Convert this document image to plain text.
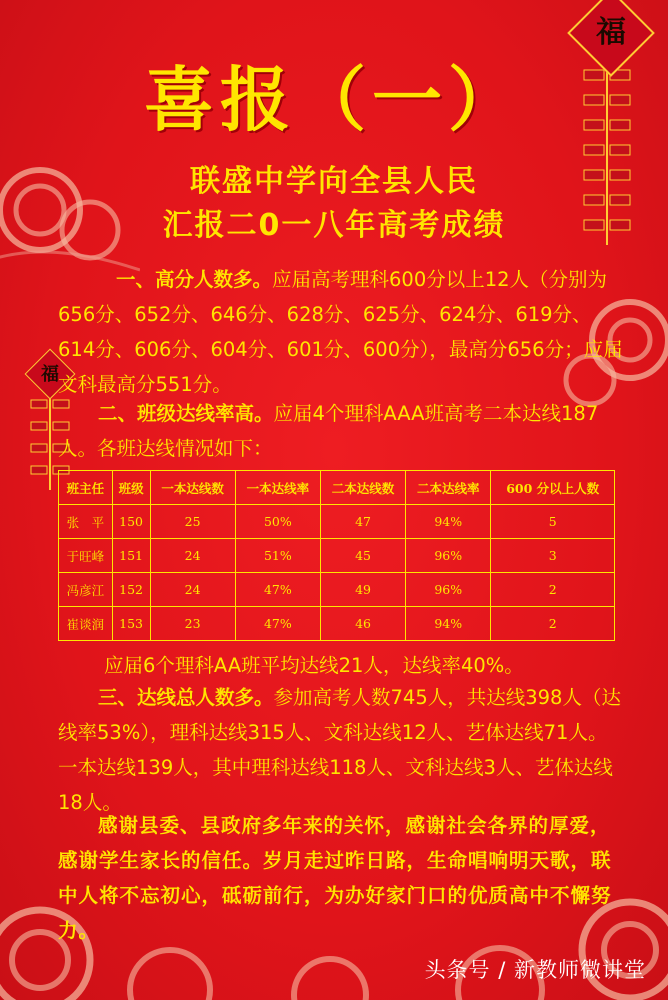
福
福
喜报（一）
联盛中学向全县人民
汇报二0一八年高考成绩
一、高分人数多。应届高考理科600分以上12人（分别为656分、652分、646分、628分、625分、624分、619分、614分、606分、604分、601分、600分），最高分656分；应届文科最高分551分。
二、班级达线率高。应届4个理科AAA班高考二本达线187人。各班达线情况如下：
班主任	班级	一本达线数	一本达线率	二本达线数	二本达线率	600 分以上人数
张　平	150	25	50%	47	94%	5
于旺峰	151	24	51%	45	96%	3
冯彦江	152	24	47%	49	96%	2
崔谈润	153	23	47%	46	94%	2
应届6个理科AA班平均达线21人，达线率40%。
三、达线总人数多。参加高考人数745人，共达线398人（达线率53%），理科达线315人、文科达线12人、艺体达线71人。一本达线139人，其中理科达线118人、文科达线3人、艺体达线18人。
感谢县委、县政府多年来的关怀，感谢社会各界的厚爱，感谢学生家长的信任。岁月走过昨日路，生命唱响明天歌，联中人将不忘初心，砥砺前行，为办好家门口的优质高中不懈努力。
头条号 / 新教师微讲堂
